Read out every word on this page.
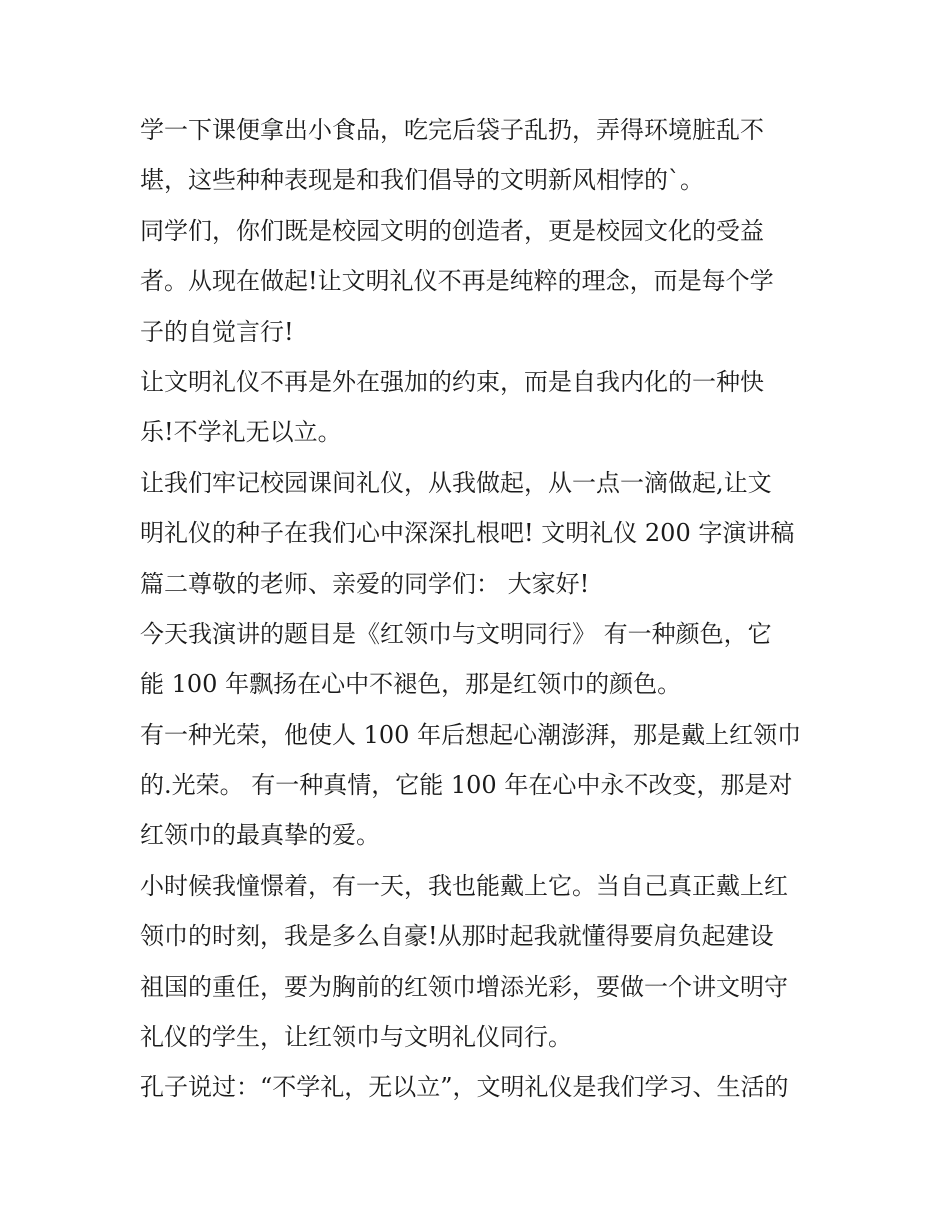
学一下课便拿出小食品，吃完后袋子乱扔，弄得环境脏乱不
堪，这些种种表现是和我们倡导的文明新风相悖的`。
同学们，你们既是校园文明的创造者，更是校园文化的受益
者。从现在做起!让文明礼仪不再是纯粹的理念，而是每个学
子的自觉言行!
让文明礼仪不再是外在强加的约束，而是自我内化的一种快
乐!不学礼无以立。
让我们牢记校园课间礼仪，从我做起，从一点一滴做起,让文
明礼仪的种子在我们心中深深扎根吧! 文明礼仪 200 字演讲稿
篇二尊敬的老师、亲爱的同学们： 大家好!
今天我演讲的题目是《红领巾与文明同行》 有一种颜色，它
能 100 年飘扬在心中不褪色，那是红领巾的颜色。
有一种光荣，他使人 100 年后想起心潮澎湃，那是戴上红领巾
的.光荣。 有一种真情，它能 100 年在心中永不改变，那是对
红领巾的最真挚的爱。
小时候我憧憬着，有一天，我也能戴上它。当自己真正戴上红
领巾的时刻，我是多么自豪!从那时起我就懂得要肩负起建设
祖国的重任，要为胸前的红领巾增添光彩，要做一个讲文明守
礼仪的学生，让红领巾与文明礼仪同行。
孔子说过：“不学礼，无以立”，文明礼仪是我们学习、生活的
